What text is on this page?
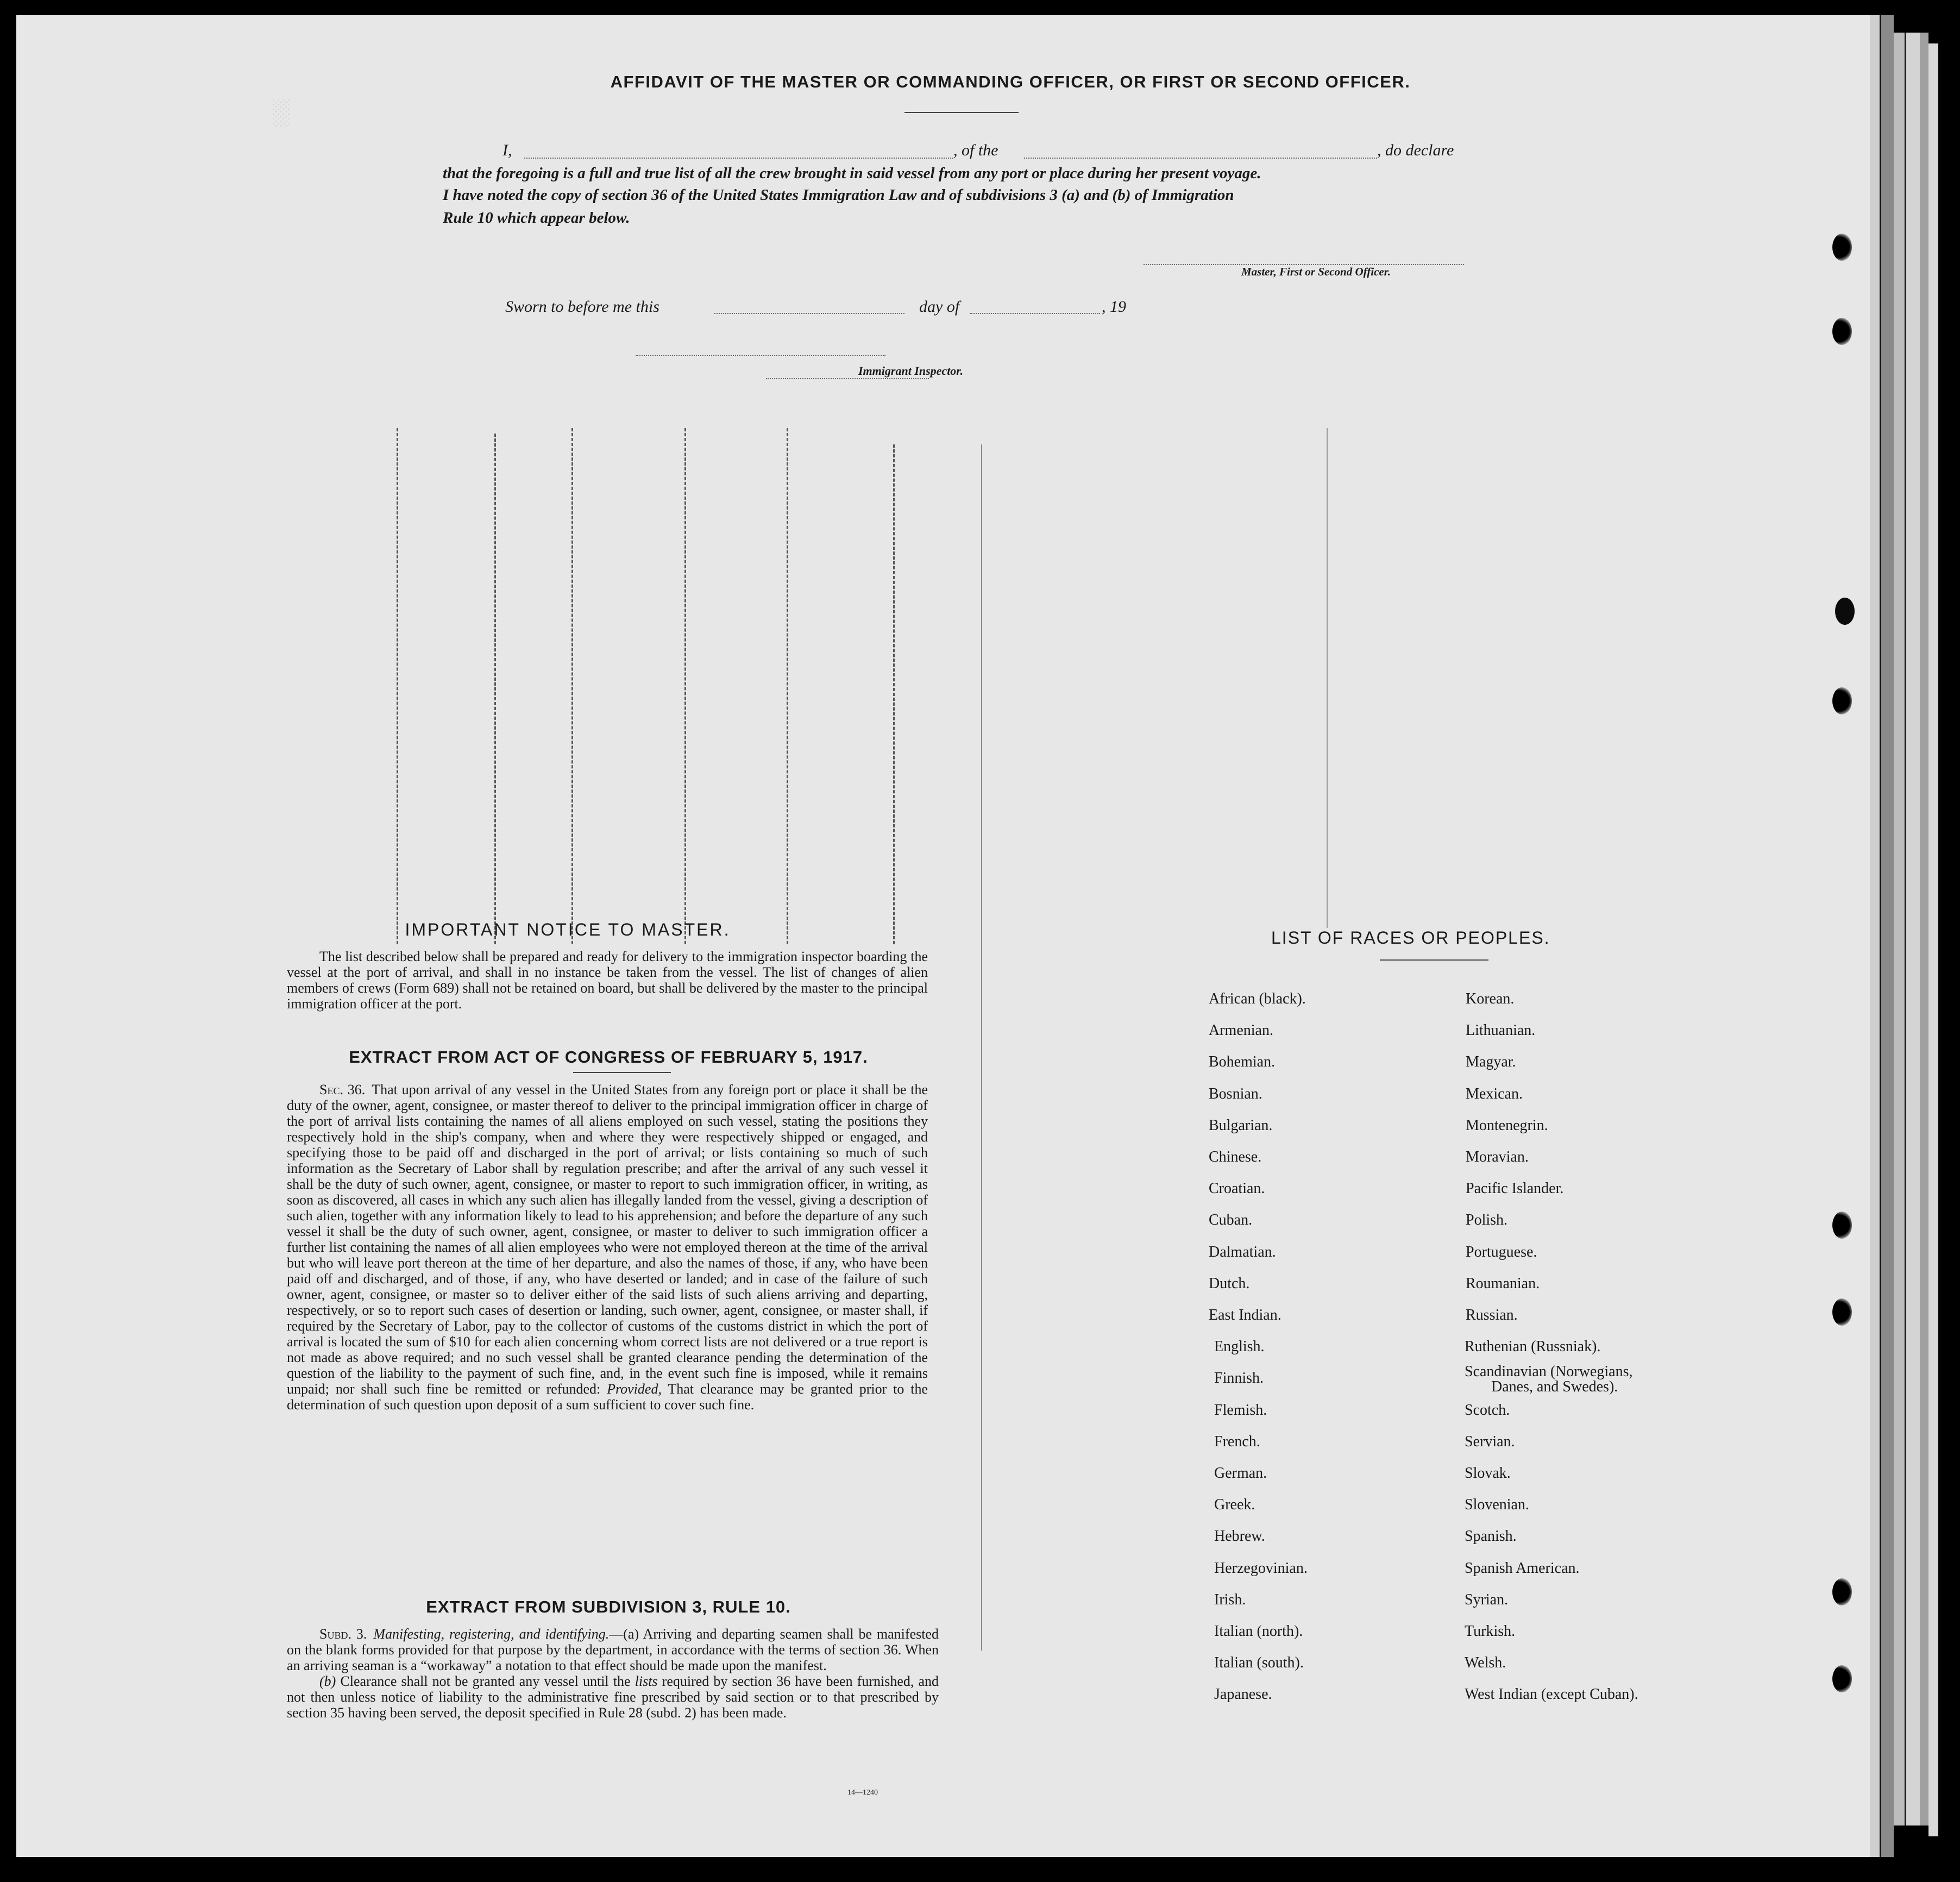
░
AFFIDAVIT OF THE MASTER OR COMMANDING OFFICER, OR FIRST OR SECOND OFFICER.
I,	, of the	, do declare
that the foregoing is a full and true list of all the crew brought in said vessel from any port or place during her present voyage.
I have noted the copy of section 36 of the United States Immigration Law and of subdivisions 3 (a) and (b) of Immigration
Rule 10 which appear below.
Master, First or Second Officer.
Sworn to before me this	day of	, 19
Immigrant Inspector.
IMPORTANT NOTICE TO MASTER.

The list described below shall be prepared and ready for delivery to the immigration inspector boarding the vessel at the port of arrival, and shall in no instance be taken from the vessel. The list of changes of alien members of crews (Form 689) shall not be retained on board, but shall be delivered by the master to the principal immigration officer at the port.

EXTRACT FROM ACT OF CONGRESS OF FEBRUARY 5, 1917.

Sec. 36. That upon arrival of any vessel in the United States from any foreign port or place it shall be the duty of the owner, agent, consignee, or master thereof to deliver to the principal immigration officer in charge of the port of arrival lists containing the names of all aliens employed on such vessel, stating the positions they respectively hold in the ship's company, when and where they were respectively shipped or engaged, and specifying those to be paid off and discharged in the port of arrival; or lists containing so much of such information as the Secretary of Labor shall by regulation prescribe; and after the arrival of any such vessel it shall be the duty of such owner, agent, consignee, or master to report to such immigration officer, in writing, as soon as discovered, all cases in which any such alien has illegally landed from the vessel, giving a description of such alien, together with any information likely to lead to his apprehension; and before the departure of any such vessel it shall be the duty of such owner, agent, consignee, or master to deliver to such immigration officer a further list containing the names of all alien employees who were not employed thereon at the time of the arrival but who will leave port thereon at the time of her departure, and also the names of those, if any, who have been paid off and discharged, and of those, if any, who have deserted or landed; and in case of the failure of such owner, agent, consignee, or master so to deliver either of the said lists of such aliens arriving and departing, respectively, or so to report such cases of desertion or landing, such owner, agent, consignee, or master shall, if required by the Secretary of Labor, pay to the collector of customs of the customs district in which the port of arrival is located the sum of $10 for each alien concerning whom correct lists are not delivered or a true report is not made as above required; and no such vessel shall be granted clearance pending the determination of the question of the liability to the payment of such fine, and, in the event such fine is imposed, while it remains unpaid; nor shall such fine be remitted or refunded: Provided, That clearance may be granted prior to the determination of such question upon deposit of a sum sufficient to cover such fine.

EXTRACT FROM SUBDIVISION 3, RULE 10.

Subd. 3. Manifesting, registering, and identifying.—(a) Arriving and departing seamen shall be manifested on the blank forms provided for that purpose by the department, in accordance with the terms of section 36. When an arriving seaman is a “workaway” a notation to that effect should be made upon the manifest.

(b) Clearance shall not be granted any vessel until the lists required by section 36 have been furnished, and not then unless notice of liability to the administrative fine prescribed by said section or to that prescribed by section 35 having been served, the deposit specified in Rule 28 (subd. 2) has been made.

14—1240
LIST OF RACES OR PEOPLES.
African (black).
Armenian.
Bohemian.
Bosnian.
Bulgarian.
Chinese.
Croatian.
Cuban.
Dalmatian.
Dutch.
East Indian.
English.
Finnish.
Flemish.
French.
German.
Greek.
Hebrew.
Herzegovinian.
Irish.
Italian (north).
Italian (south).
Japanese.
Korean.
Lithuanian.
Magyar.
Mexican.
Montenegrin.
Moravian.
Pacific Islander.
Polish.
Portuguese.
Roumanian.
Russian.
Ruthenian (Russniak).
Scandinavian (Norwegians,
Scotch.
Servian.
Slovak.
Slovenian.
Spanish.
Spanish American.
Syrian.
Turkish.
Welsh.
West Indian (except Cuban).
Danes, and Swedes).
